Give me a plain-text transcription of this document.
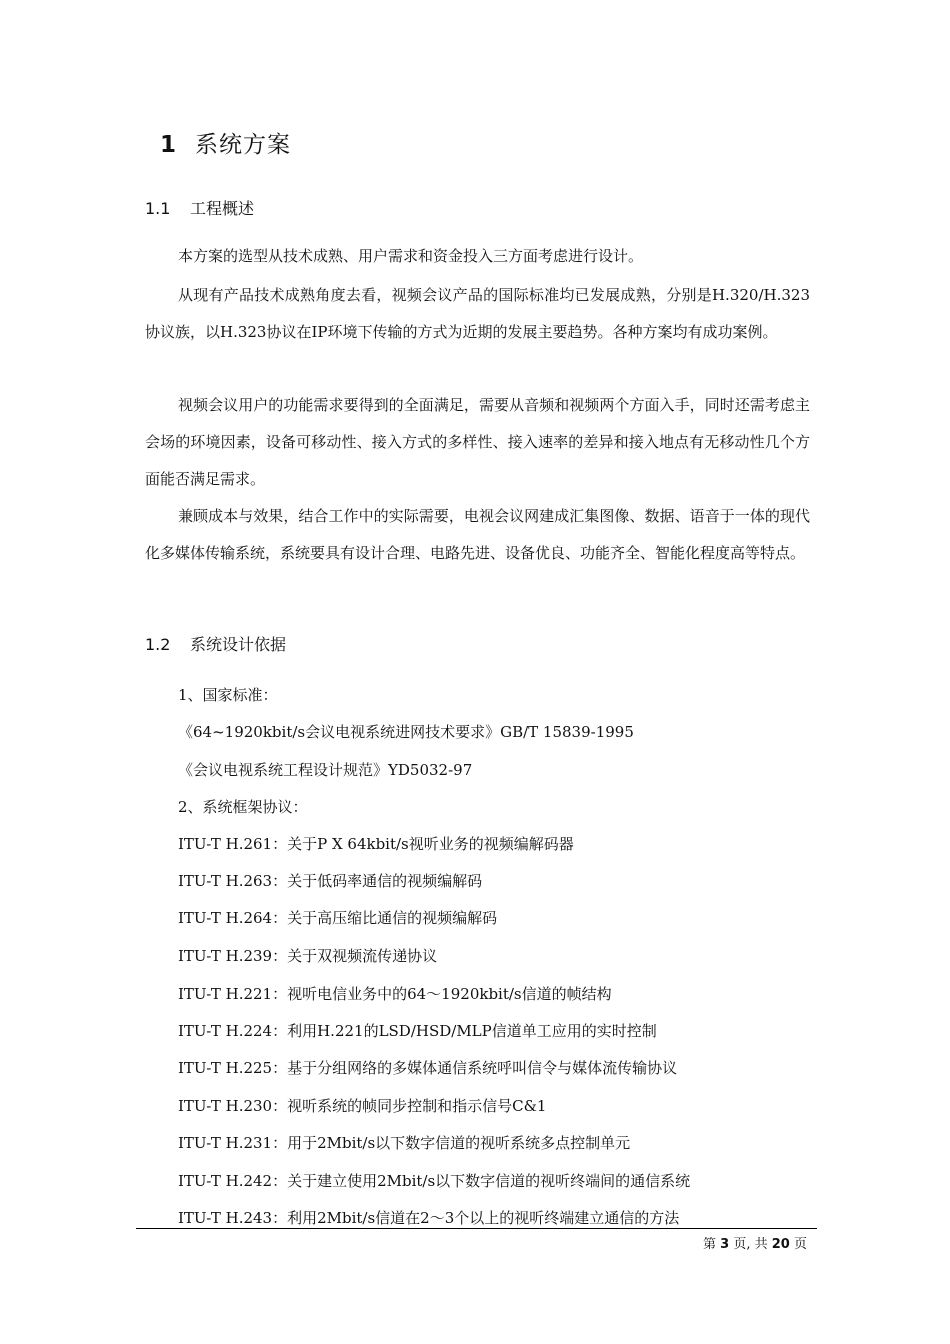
1 系统方案
1.1 工程概述

本方案的选型从技术成熟、用户需求和资金投入三方面考虑进行设计。

从现有产品技术成熟角度去看，视频会议产品的国际标准均已发展成熟，分别是H.320/H.323协议族，以H.323协议在IP环境下传输的方式为近期的发展主要趋势。各种方案均有成功案例。

视频会议用户的功能需求要得到的全面满足，需要从音频和视频两个方面入手，同时还需考虑主会场的环境因素，设备可移动性、接入方式的多样性、接入速率的差异和接入地点有无移动性几个方面能否满足需求。

兼顾成本与效果，结合工作中的实际需要，电视会议网建成汇集图像、数据、语音于一体的现代化多媒体传输系统，系统要具有设计合理、电路先进、设备优良、功能齐全、智能化程度高等特点。

1.2 系统设计依据
1、国家标准：
《64~1920kbit/s会议电视系统进网技术要求》GB/T 15839-1995
《会议电视系统工程设计规范》YD5032-97
2、系统框架协议：
ITU-T H.261：关于P X 64kbit/s视听业务的视频编解码器
ITU-T H.263：关于低码率通信的视频编解码
ITU-T H.264：关于高压缩比通信的视频编解码
ITU-T H.239：关于双视频流传递协议
ITU-T H.221：视听电信业务中的64～1920kbit/s信道的帧结构
ITU-T H.224：利用H.221的LSD/HSD/MLP信道单工应用的实时控制
ITU-T H.225：基于分组网络的多媒体通信系统呼叫信令与媒体流传输协议
ITU-T H.230：视听系统的帧同步控制和指示信号C&1
ITU-T H.231：用于2Mbit/s以下数字信道的视听系统多点控制单元
ITU-T H.242：关于建立使用2Mbit/s以下数字信道的视听终端间的通信系统
ITU-T H.243：利用2Mbit/s信道在2～3个以上的视听终端建立通信的方法
第 3 页, 共 20 页
